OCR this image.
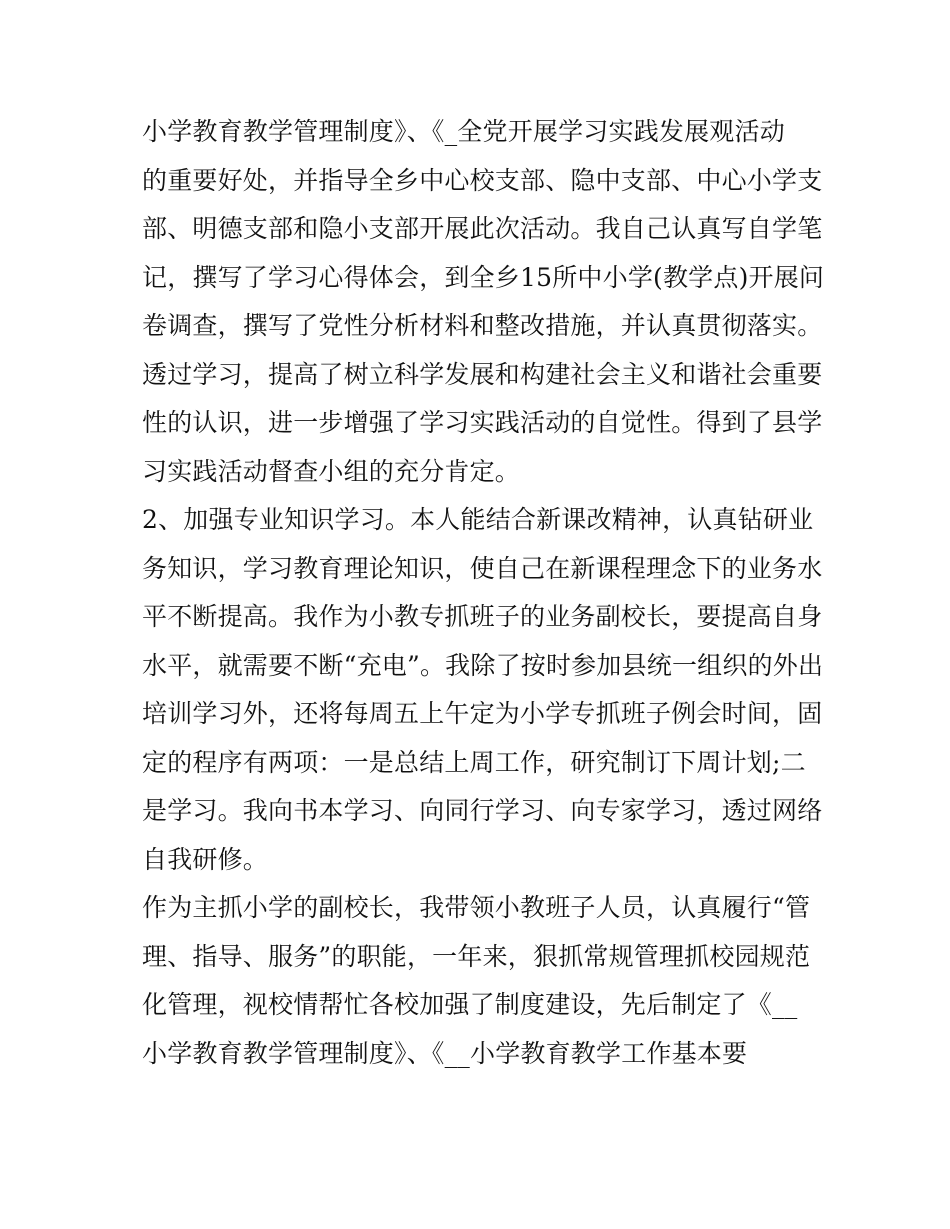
小学教育教学管理制度》、《_全党开展学习实践发展观活动
的重要好处，并指导全乡中心校支部、隐中支部、中心小学支
部、明德支部和隐小支部开展此次活动。我自己认真写自学笔
记，撰写了学习心得体会，到全乡15所中小学(教学点)开展问
卷调查，撰写了党性分析材料和整改措施，并认真贯彻落实。
透过学习，提高了树立科学发展和构建社会主义和谐社会重要
性的认识，进一步增强了学习实践活动的自觉性。得到了县学
习实践活动督查小组的充分肯定。
2、加强专业知识学习。本人能结合新课改精神，认真钻研业
务知识，学习教育理论知识，使自己在新课程理念下的业务水
平不断提高。我作为小教专抓班子的业务副校长，要提高自身
水平，就需要不断“充电”。我除了按时参加县统一组织的外出
培训学习外，还将每周五上午定为小学专抓班子例会时间，固
定的程序有两项：一是总结上周工作，研究制订下周计划;二
是学习。我向书本学习、向同行学习、向专家学习，透过网络
自我研修。
作为主抓小学的副校长，我带领小教班子人员，认真履行“管
理、指导、服务”的职能，一年来，狠抓常规管理抓校园规范
化管理，视校情帮忙各校加强了制度建设，先后制定了《__
小学教育教学管理制度》、《__小学教育教学工作基本要
